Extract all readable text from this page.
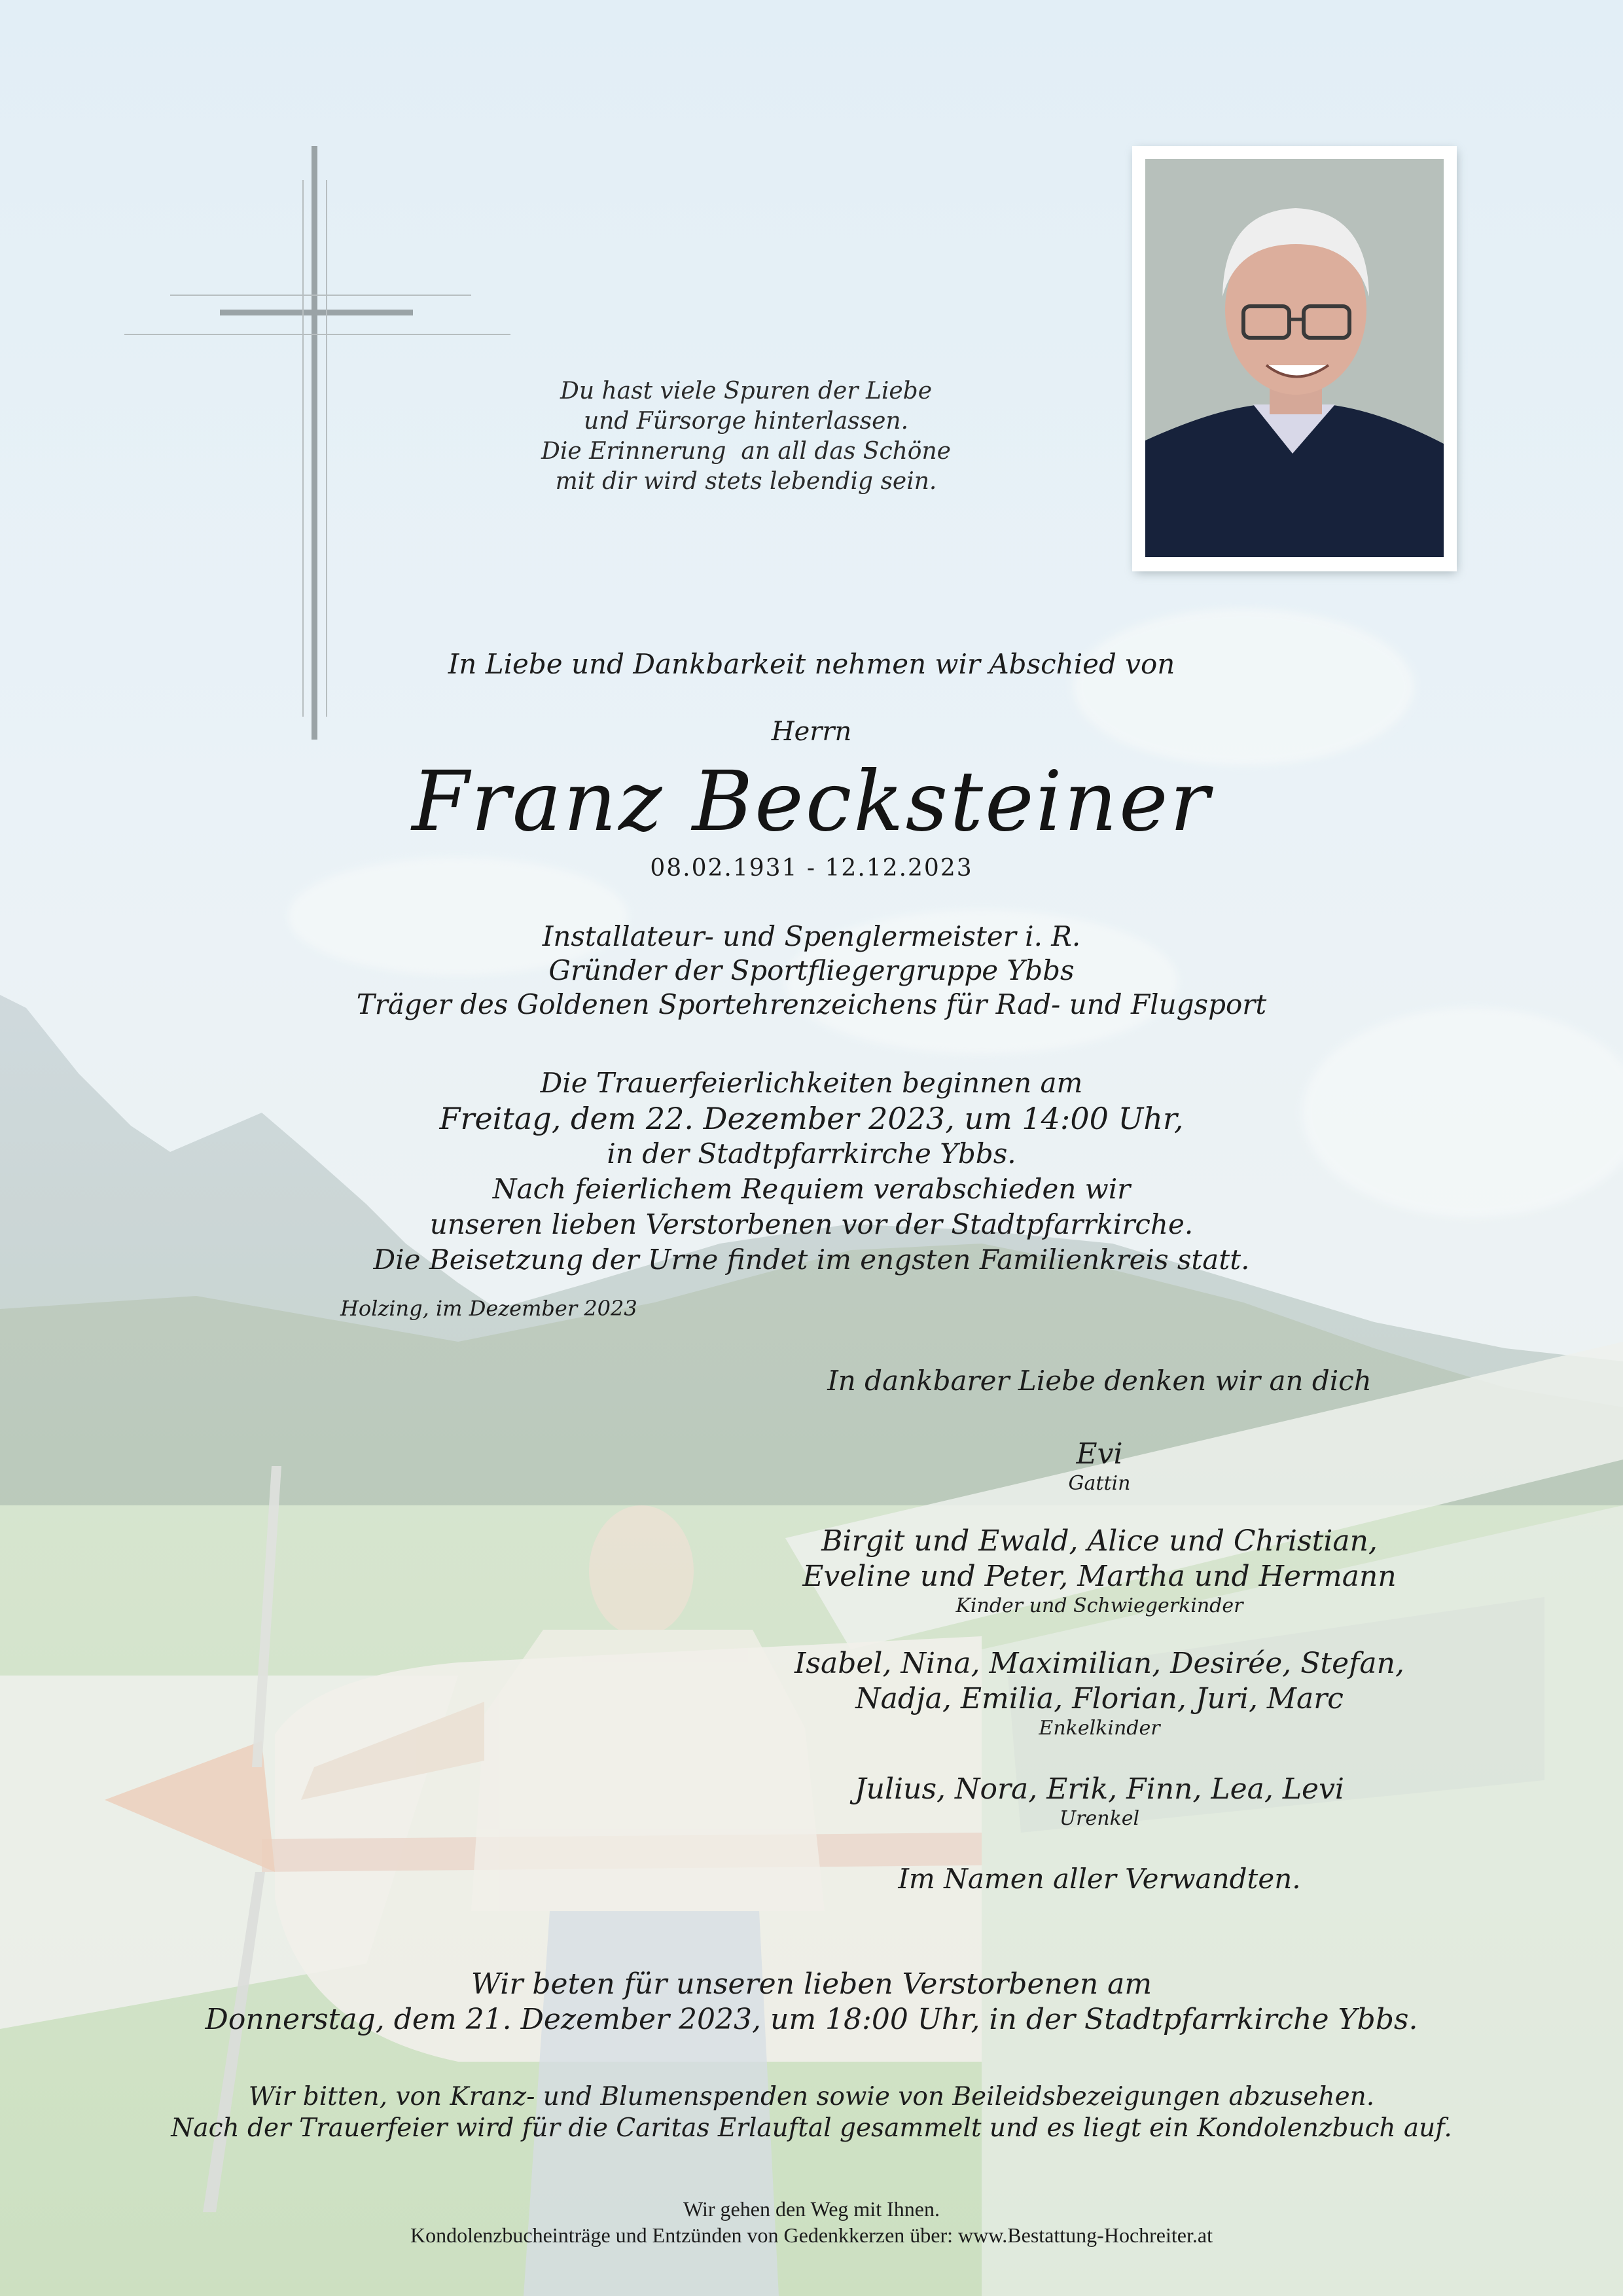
Du hast viele Spuren der Liebe
und Fürsorge hinterlassen.
Die Erinnerung  an all das Schöne
mit dir wird stets lebendig sein.
In Liebe und Dankbarkeit nehmen wir Abschied von
Herrn
Franz Becksteiner
08.02.1931 - 12.12.2023
Installateur- und Spenglermeister i. R.
Gründer der Sportfliegergruppe Ybbs
Träger des Goldenen Sportehrenzeichens für Rad- und Flugsport
Die Trauerfeierlichkeiten beginnen am
Freitag, dem 22. Dezember 2023, um 14:00 Uhr,
in der Stadtpfarrkirche Ybbs.
Nach feierlichem Requiem verabschieden wir
unseren lieben Verstorbenen vor der Stadtpfarrkirche.
Die Beisetzung der Urne findet im engsten Familienkreis statt.
Holzing, im Dezember 2023
In dankbarer Liebe denken wir an dich
Evi
Gattin
Birgit und Ewald, Alice und Christian,
Eveline und Peter, Martha und Hermann
Kinder und Schwiegerkinder
Isabel, Nina, Maximilian, Desirée, Stefan,
Nadja, Emilia, Florian, Juri, Marc
Enkelkinder
Julius, Nora, Erik, Finn, Lea, Levi
Urenkel
Im Namen aller Verwandten.
Wir beten für unseren lieben Verstorbenen am
Donnerstag, dem 21. Dezember 2023, um 18:00 Uhr, in der Stadtpfarrkirche Ybbs.
Wir bitten, von Kranz- und Blumenspenden sowie von Beileidsbezeigungen abzusehen.
Nach der Trauerfeier wird für die Caritas Erlauftal gesammelt und es liegt ein Kondolenzbuch auf.
Wir gehen den Weg mit Ihnen.
Kondolenzbucheinträge und Entzünden von Gedenkkerzen über: www.Bestattung-Hochreiter.at
